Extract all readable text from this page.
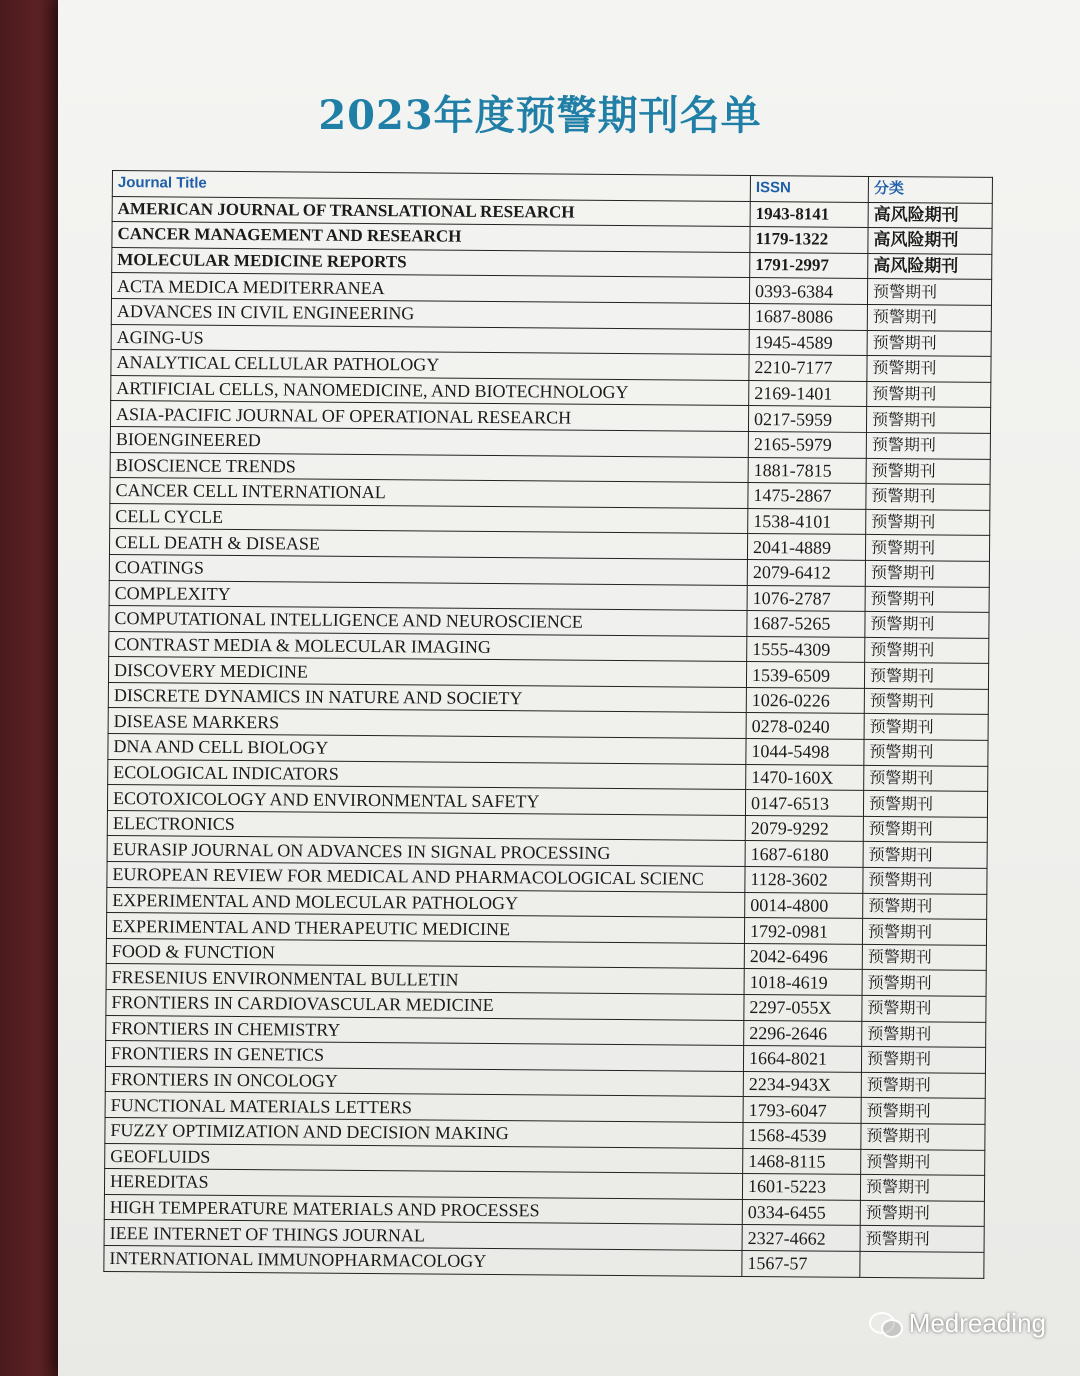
2023年度预警期刊名单
Journal Title	ISSN	分类
AMERICAN JOURNAL OF TRANSLATIONAL RESEARCH	1943-8141	高风险期刊
CANCER MANAGEMENT AND RESEARCH	1179-1322	高风险期刊
MOLECULAR MEDICINE REPORTS	1791-2997	高风险期刊
ACTA MEDICA MEDITERRANEA	0393-6384	预警期刊
ADVANCES IN CIVIL ENGINEERING	1687-8086	预警期刊
AGING-US	1945-4589	预警期刊
ANALYTICAL CELLULAR PATHOLOGY	2210-7177	预警期刊
ARTIFICIAL CELLS, NANOMEDICINE, AND BIOTECHNOLOGY	2169-1401	预警期刊
ASIA-PACIFIC JOURNAL OF OPERATIONAL RESEARCH	0217-5959	预警期刊
BIOENGINEERED	2165-5979	预警期刊
BIOSCIENCE TRENDS	1881-7815	预警期刊
CANCER CELL INTERNATIONAL	1475-2867	预警期刊
CELL CYCLE	1538-4101	预警期刊
CELL DEATH & DISEASE	2041-4889	预警期刊
COATINGS	2079-6412	预警期刊
COMPLEXITY	1076-2787	预警期刊
COMPUTATIONAL INTELLIGENCE AND NEUROSCIENCE	1687-5265	预警期刊
CONTRAST MEDIA & MOLECULAR IMAGING	1555-4309	预警期刊
DISCOVERY MEDICINE	1539-6509	预警期刊
DISCRETE DYNAMICS IN NATURE AND SOCIETY	1026-0226	预警期刊
DISEASE MARKERS	0278-0240	预警期刊
DNA AND CELL BIOLOGY	1044-5498	预警期刊
ECOLOGICAL INDICATORS	1470-160X	预警期刊
ECOTOXICOLOGY AND ENVIRONMENTAL SAFETY	0147-6513	预警期刊
ELECTRONICS	2079-9292	预警期刊
EURASIP JOURNAL ON ADVANCES IN SIGNAL PROCESSING	1687-6180	预警期刊
EUROPEAN REVIEW FOR MEDICAL AND PHARMACOLOGICAL SCIENC	1128-3602	预警期刊
EXPERIMENTAL AND MOLECULAR PATHOLOGY	0014-4800	预警期刊
EXPERIMENTAL AND THERAPEUTIC MEDICINE	1792-0981	预警期刊
FOOD & FUNCTION	2042-6496	预警期刊
FRESENIUS ENVIRONMENTAL BULLETIN	1018-4619	预警期刊
FRONTIERS IN CARDIOVASCULAR MEDICINE	2297-055X	预警期刊
FRONTIERS IN CHEMISTRY	2296-2646	预警期刊
FRONTIERS IN GENETICS	1664-8021	预警期刊
FRONTIERS IN ONCOLOGY	2234-943X	预警期刊
FUNCTIONAL MATERIALS LETTERS	1793-6047	预警期刊
FUZZY OPTIMIZATION AND DECISION MAKING	1568-4539	预警期刊
GEOFLUIDS	1468-8115	预警期刊
HEREDITAS	1601-5223	预警期刊
HIGH TEMPERATURE MATERIALS AND PROCESSES	0334-6455	预警期刊
IEEE INTERNET OF THINGS JOURNAL	2327-4662	预警期刊
INTERNATIONAL IMMUNOPHARMACOLOGY	1567-57	
Medreading
